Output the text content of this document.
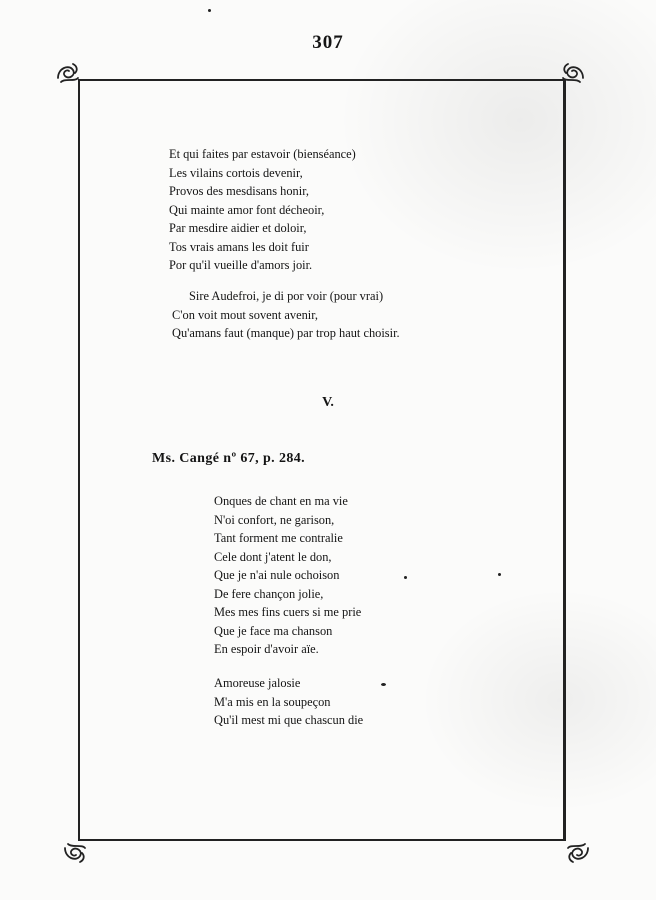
307
Et qui faites par estavoir (bienséance)
Les vilains cortois devenir,
Provos des mesdisans honir,
Qui mainte amor font décheoir,
Par mesdire aidier et doloir,
Tos vrais amans les doit fuir
Por qu'il vueille d'amors joir.
Sire Audefroi, je di por voir (pour vrai)
C'on voit mout sovent avenir,
Qu'amans faut (manque) par trop haut choisir.
V.
Ms. Cangé nº 67, p. 284.
Onques de chant en ma vie
N'oi confort, ne garison,
Tant forment me contralie
Cele dont j'atent le don,
Que je n'ai nule ochoison
De fere chançon jolie,
Mes mes fins cuers si me prie
Que je face ma chanson
En espoir d'avoir aïe.
Amoreuse jalosie
M'a mis en la soupeçon
Qu'il mest mi que chascun die
